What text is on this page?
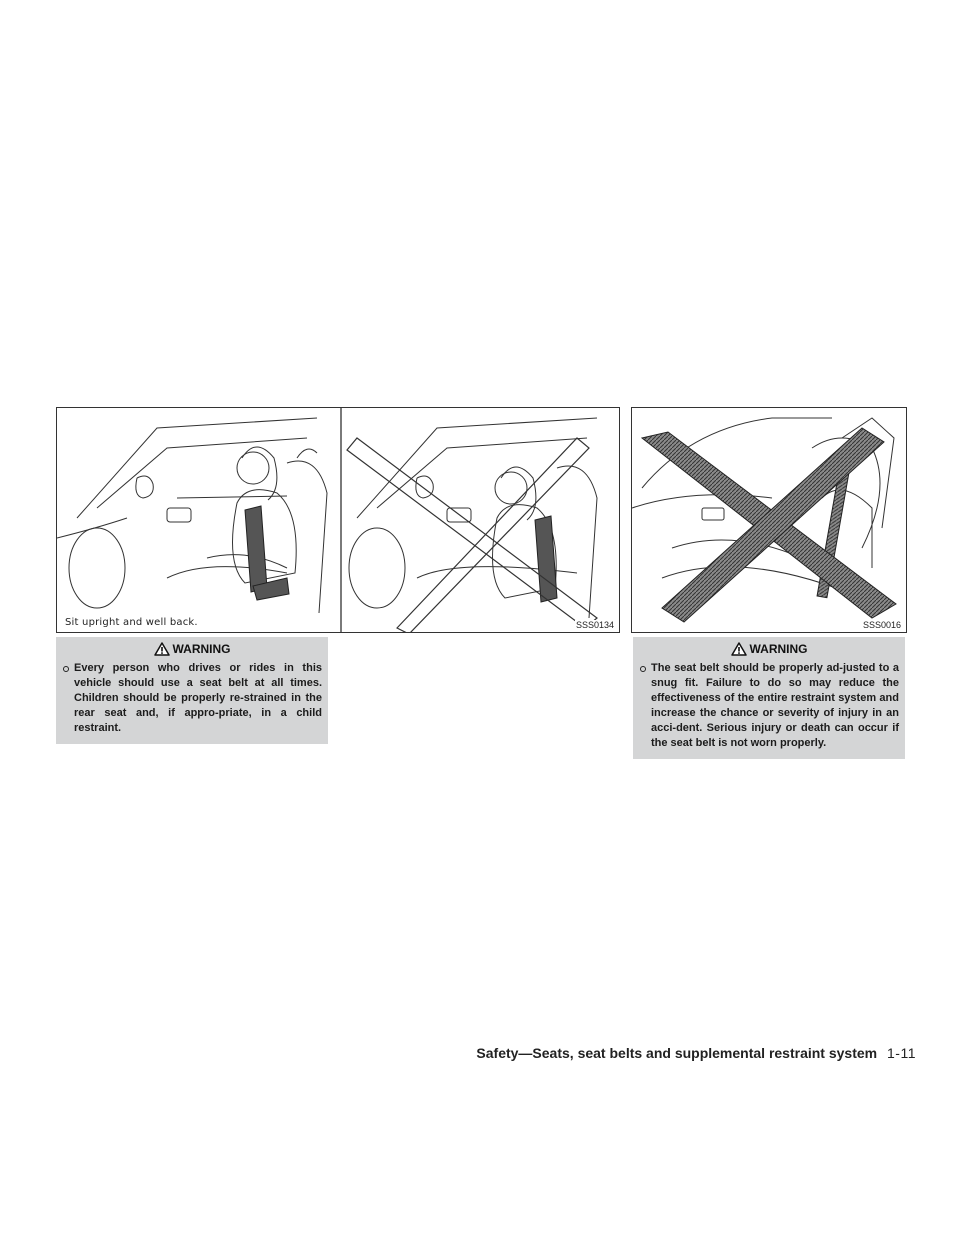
Sit upright and well back.	SSS0134	SSS0016
WARNING
Every person who drives or rides in this vehicle should use a seat belt at all times. Children should be properly re-strained in the rear seat and, if appro-priate, in a child restraint.
WARNING
The seat belt should be properly ad-justed to a snug fit. Failure to do so may reduce the effectiveness of the entire restraint system and increase the chance or severity of injury in an acci-dent. Serious injury or death can occur if the seat belt is not worn properly.
Safety—Seats, seat belts and supplemental restraint system 1-11
